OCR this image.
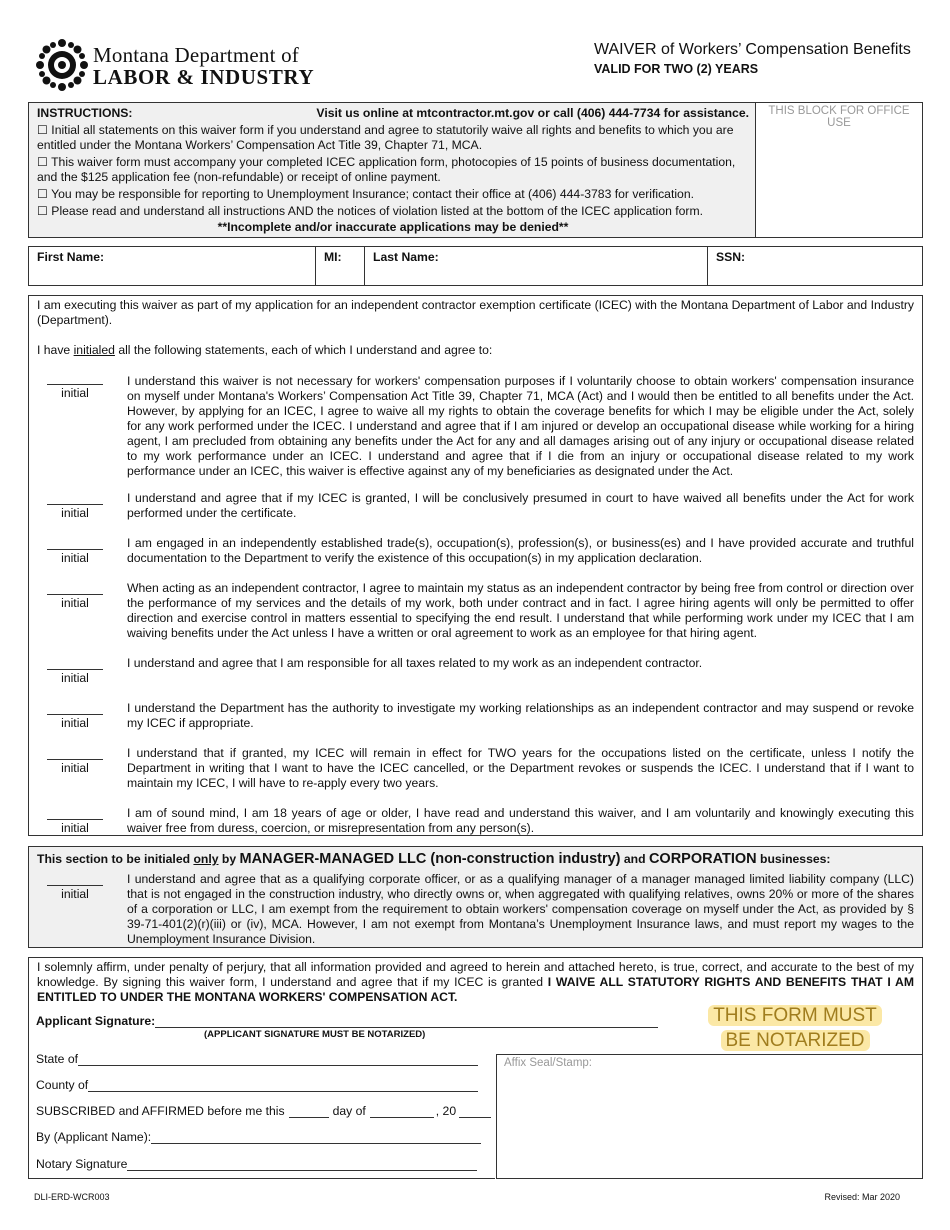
Montana Department of
LABOR & INDUSTRY
WAIVER of Workers’ Compensation Benefits
VALID FOR TWO (2) YEARS
INSTRUCTIONS:	Visit us online at mtcontractor.mt.gov or call (406) 444-7734 for assistance.
☐ Initial all statements on this waiver form if you understand and agree to statutorily waive all rights and benefits to which you are entitled under the Montana Workers’ Compensation Act Title 39, Chapter 71, MCA.
☐ This waiver form must accompany your completed ICEC application form, photocopies of 15 points of business documentation, and the $125 application fee (non-refundable) or receipt of online payment.
☐ You may be responsible for reporting to Unemployment Insurance; contact their office at (406) 444-3783 for verification.
☐ Please read and understand all instructions AND the notices of violation listed at the bottom of the ICEC application form.
**Incomplete and/or inaccurate applications may be denied**
THIS BLOCK FOR OFFICE USE
First Name:	MI:	Last Name:	SSN:
I am executing this waiver as part of my application for an independent contractor exemption certificate (ICEC) with the Montana Department of Labor and Industry (Department).
I have initialed all the following statements, each of which I understand and agree to:
initial
I understand this waiver is not necessary for workers' compensation purposes if I voluntarily choose to obtain workers' compensation insurance on myself under Montana's Workers’ Compensation Act Title 39, Chapter 71, MCA (Act) and I would then be entitled to all benefits under the Act. However, by applying for an ICEC, I agree to waive all my rights to obtain the coverage benefits for which I may be eligible under the Act, solely for any work performed under the ICEC. I understand and agree that if I am injured or develop an occupational disease while working for a hiring agent, I am precluded from obtaining any benefits under the Act for any and all damages arising out of any injury or occupational disease related to my work performance under an ICEC. I understand and agree that if I die from an injury or occupational disease related to my work performance under an ICEC, this waiver is effective against any of my beneficiaries as designated under the Act.
initial
I understand and agree that if my ICEC is granted, I will be conclusively presumed in court to have waived all benefits under the Act for work performed under the certificate.
initial
I am engaged in an independently established trade(s), occupation(s), profession(s), or business(es) and I have provided accurate and truthful documentation to the Department to verify the existence of this occupation(s) in my application declaration.
initial
When acting as an independent contractor, I agree to maintain my status as an independent contractor by being free from control or direction over the performance of my services and the details of my work, both under contract and in fact. I agree hiring agents will only be permitted to offer direction and exercise control in matters essential to specifying the end result. I understand that while performing work under my ICEC that I am waiving benefits under the Act unless I have a written or oral agreement to work as an employee for that hiring agent.
initial
I understand and agree that I am responsible for all taxes related to my work as an independent contractor.
initial
I understand the Department has the authority to investigate my working relationships as an independent contractor and may suspend or revoke my ICEC if appropriate.
initial
I understand that if granted, my ICEC will remain in effect for TWO years for the occupations listed on the certificate, unless I notify the Department in writing that I want to have the ICEC cancelled, or the Department revokes or suspends the ICEC. I understand that if I want to maintain my ICEC, I will have to re-apply every two years.
initial
I am of sound mind, I am 18 years of age or older, I have read and understand this waiver, and I am voluntarily and knowingly executing this waiver free from duress, coercion, or misrepresentation from any person(s).
This section to be initialed only by MANAGER-MANAGED LLC (non-construction industry) and CORPORATION businesses:
initial
I understand and agree that as a qualifying corporate officer, or as a qualifying manager of a manager managed limited liability company (LLC) that is not engaged in the construction industry, who directly owns or, when aggregated with qualifying relatives, owns 20% or more of the shares of a corporation or LLC, I am exempt from the requirement to obtain workers' compensation coverage on myself under the Act, as provided by § 39-71-401(2)(r)(iii) or (iv), MCA. However, I am not exempt from Montana’s Unemployment Insurance laws, and must report my wages to the Unemployment Insurance Division.
I solemnly affirm, under penalty of perjury, that all information provided and agreed to herein and attached hereto, is true, correct, and accurate to the best of my knowledge. By signing this waiver form, I understand and agree that if my ICEC is granted I WAIVE ALL STATUTORY RIGHTS AND BENEFITS THAT I AM ENTITLED TO UNDER THE MONTANA WORKERS' COMPENSATION ACT.
Applicant Signature:
(APPLICANT SIGNATURE MUST BE NOTARIZED)
THIS FORM MUST
BE NOTARIZED
Affix Seal/Stamp:
State of
County of
SUBSCRIBED and AFFIRMED before me this	day of	, 20
By (Applicant Name):
Notary Signature
DLI-ERD-WCR003	Revised: Mar 2020
